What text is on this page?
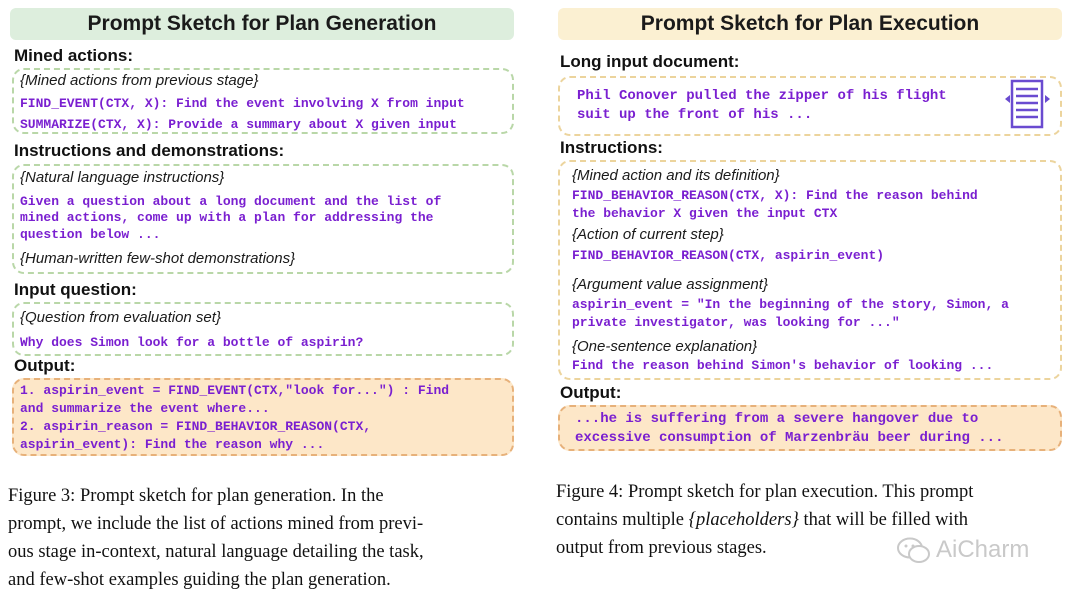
Prompt Sketch for Plan Generation
Mined actions:
{Mined actions from previous stage}
FIND_EVENT(CTX, X): Find the event involving X from input
SUMMARIZE(CTX, X): Provide a summary about X given input
Instructions and demonstrations:
{Natural language instructions}
Given a question about a long document and the list of
mined actions, come up with a plan for addressing the
question below ...
{Human-written few-shot demonstrations}
Input question:
{Question from evaluation set}
Why does Simon look for a bottle of aspirin?
Output:
1. aspirin_event = FIND_EVENT(CTX,"look for...") : Find
and summarize the event where...
2. aspirin_reason = FIND_BEHAVIOR_REASON(CTX,
aspirin_event): Find the reason why ...
Figure 3: Prompt sketch for plan generation. In the
prompt, we include the list of actions mined from previ-
ous stage in-context, natural language detailing the task,
and few-shot examples guiding the plan generation.
Prompt Sketch for Plan Execution
Long input document:
Phil Conover pulled the zipper of his flight
suit up the front of his ...
Instructions:
{Mined action and its definition}
FIND_BEHAVIOR_REASON(CTX, X): Find the reason behind
the behavior X given the input CTX
{Action of current step}
FIND_BEHAVIOR_REASON(CTX, aspirin_event)
{Argument value assignment}
aspirin_event = "In the beginning of the story, Simon, a
private investigator, was looking for ..."
{One-sentence explanation}
Find the reason behind Simon's behavior of looking ...
Output:
...he is suffering from a severe hangover due to
excessive consumption of Marzenbräu beer during ...
Figure 4: Prompt sketch for plan execution. This prompt
contains multiple {placeholders} that will be filled with
output from previous stages.	AiCharm
